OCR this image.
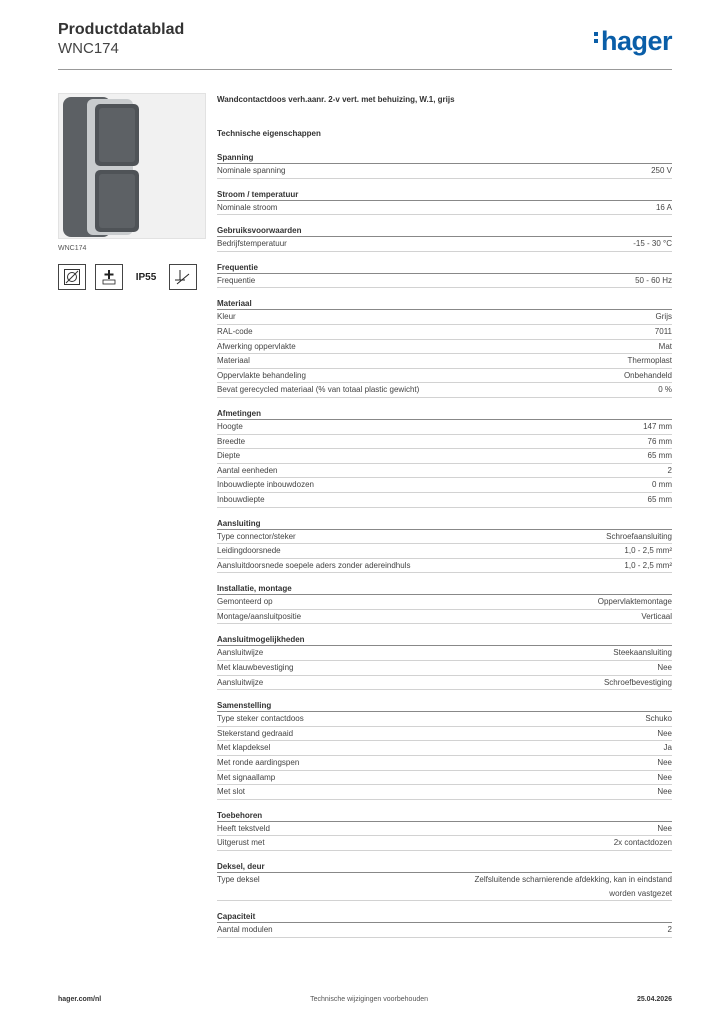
Productdatablad
WNC174	hager
WNC174
IP55
Wandcontactdoos verh.aanr. 2-v vert. met behuizing, W.1, grijs
Technische eigenschappen
Spanning
Nominale spanning	250 V
Stroom / temperatuur
Nominale stroom	16 A
Gebruiksvoorwaarden
Bedrijfstemperatuur	-15 - 30 °C
Frequentie
Frequentie	50 - 60 Hz
Materiaal
Kleur	Grijs
RAL-code	7011
Afwerking oppervlakte	Mat
Materiaal	Thermoplast
Oppervlakte behandeling	Onbehandeld
Bevat gerecycled materiaal (% van totaal plastic gewicht)	0 %
Afmetingen
Hoogte	147 mm
Breedte	76 mm
Diepte	65 mm
Aantal eenheden	2
Inbouwdiepte inbouwdozen	0 mm
Inbouwdiepte	65 mm
Aansluiting
Type connector/steker	Schroefaansluiting
Leidingdoorsnede	1,0 - 2,5 mm²
Aansluitdoorsnede soepele aders zonder adereindhuls	1,0 - 2,5 mm²
Installatie, montage
Gemonteerd op	Oppervlaktemontage
Montage/aansluitpositie	Verticaal
Aansluitmogelijkheden
Aansluitwijze	Steekaansluiting
Met klauwbevestiging	Nee
Aansluitwijze	Schroefbevestiging
Samenstelling
Type steker contactdoos	Schuko
Stekerstand gedraaid	Nee
Met klapdeksel	Ja
Met ronde aardingspen	Nee
Met signaallamp	Nee
Met slot	Nee
Toebehoren
Heeft tekstveld	Nee
Uitgerust met	2x contactdozen
Deksel, deur
Type deksel	Zelfsluitende scharnierende afdekking, kan in eindstand worden vastgezet
Capaciteit
Aantal modulen	2
hager.com/nl	Technische wijzigingen voorbehouden	25.04.2026
